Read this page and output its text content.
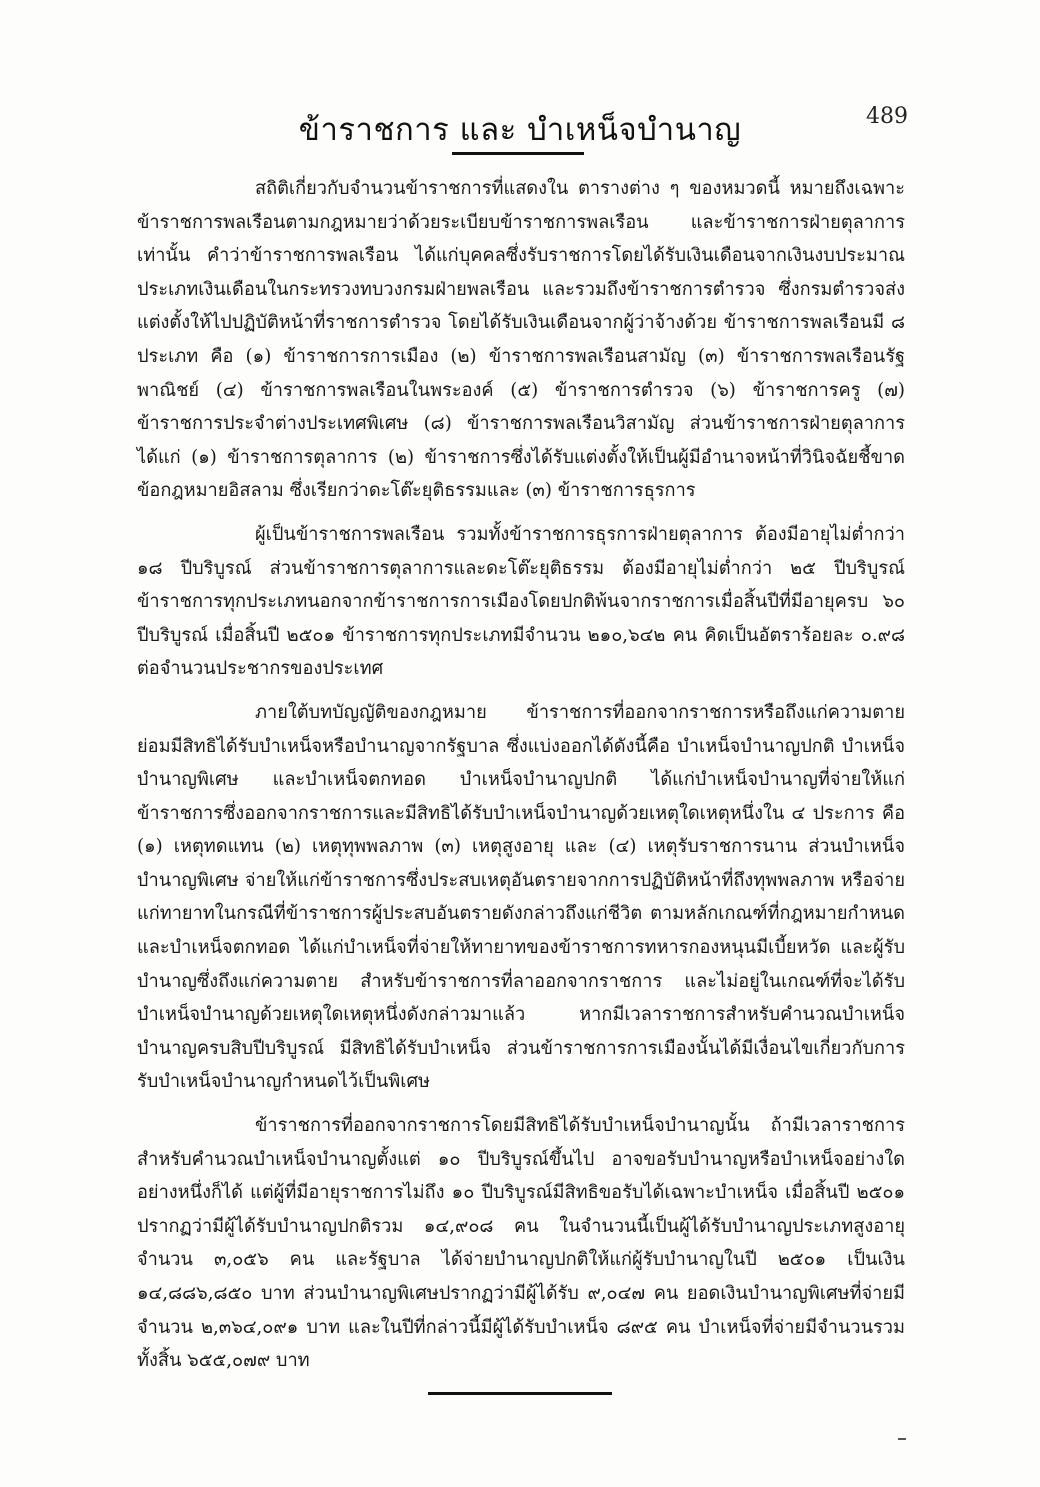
489
ข้าราชการ และ บำเหน็จบำนาญ

สถิติเกี่ยวกับจำนวนข้าราชการที่แสดงใน ตารางต่าง ๆ ของหมวดนี้ หมายถึงเฉพาะข้าราชการพลเรือนตามกฎหมายว่าด้วยระเบียบข้าราชการพลเรือน และข้าราชการฝ่ายตุลาการเท่านั้น คำว่าข้าราชการพลเรือน ได้แก่บุคคลซึ่งรับราชการโดยได้รับเงินเดือนจากเงินงบประมาณประเภทเงินเดือนในกระทรวงทบวงกรมฝ่ายพลเรือน และรวมถึงข้าราชการตำรวจ ซึ่งกรมตำรวจส่งแต่งตั้งให้ไปปฏิบัติหน้าที่ราชการตำรวจ โดยได้รับเงินเดือนจากผู้ว่าจ้างด้วย ข้าราชการพลเรือนมี ๘ ประเภท คือ (๑) ข้าราชการการเมือง (๒) ข้าราชการพลเรือนสามัญ (๓) ข้าราชการพลเรือนรัฐพาณิชย์ (๔) ข้าราชการพลเรือนในพระองค์ (๕) ข้าราชการตำรวจ (๖) ข้าราชการครู (๗) ข้าราชการประจำต่างประเทศพิเศษ (๘) ข้าราชการพลเรือนวิสามัญ ส่วนข้าราชการฝ่ายตุลาการ ได้แก่ (๑) ข้าราชการตุลาการ (๒) ข้าราชการซึ่งได้รับแต่งตั้งให้เป็นผู้มีอำนาจหน้าที่วินิจฉัยชี้ขาดข้อกฎหมายอิสลาม ซึ่งเรียกว่าดะโต๊ะยุติธรรมและ (๓) ข้าราชการธุรการ

ผู้เป็นข้าราชการพลเรือน รวมทั้งข้าราชการธุรการฝ่ายตุลาการ ต้องมีอายุไม่ต่ำกว่า ๑๘ ปีบริบูรณ์ ส่วนข้าราชการตุลาการและดะโต๊ะยุติธรรม ต้องมีอายุไม่ต่ำกว่า ๒๕ ปีบริบูรณ์ ข้าราชการทุกประเภทนอกจากข้าราชการการเมืองโดยปกติพ้นจากราชการเมื่อสิ้นปีที่มีอายุครบ ๖๐ ปีบริบูรณ์ เมื่อสิ้นปี ๒๕๐๑ ข้าราชการทุกประเภทมีจำนวน ๒๑๐,๖๔๒ คน คิดเป็นอัตราร้อยละ ๐.๙๘ ต่อจำนวนประชากรของประเทศ

ภายใต้บทบัญญัติของกฎหมาย ข้าราชการที่ออกจากราชการหรือถึงแก่ความตาย ย่อมมีสิทธิได้รับบำเหน็จหรือบำนาญจากรัฐบาล ซึ่งแบ่งออกได้ดังนี้คือ บำเหน็จบำนาญปกติ บำเหน็จบำนาญพิเศษ และบำเหน็จตกทอด บำเหน็จบำนาญปกติ ได้แก่บำเหน็จบำนาญที่จ่ายให้แก่ข้าราชการซึ่งออกจากราชการและมีสิทธิได้รับบำเหน็จบำนาญด้วยเหตุใดเหตุหนึ่งใน ๔ ประการ คือ (๑) เหตุทดแทน (๒) เหตุทุพพลภาพ (๓) เหตุสูงอายุ และ (๔) เหตุรับราชการนาน ส่วนบำเหน็จบำนาญพิเศษ จ่ายให้แก่ข้าราชการซึ่งประสบเหตุอันตรายจากการปฏิบัติหน้าที่ถึงทุพพลภาพ หรือจ่ายแก่ทายาทในกรณีที่ข้าราชการผู้ประสบอันตรายดังกล่าวถึงแก่ชีวิต ตามหลักเกณฑ์ที่กฎหมายกำหนด และบำเหน็จตกทอด ได้แก่บำเหน็จที่จ่ายให้ทายาทของข้าราชการทหารกองหนุนมีเบี้ยหวัด และผู้รับบำนาญซึ่งถึงแก่ความตาย สำหรับข้าราชการที่ลาออกจากราชการ และไม่อยู่ในเกณฑ์ที่จะได้รับบำเหน็จบำนาญด้วยเหตุใดเหตุหนึ่งดังกล่าวมาแล้ว หากมีเวลาราชการสำหรับคำนวณบำเหน็จบำนาญครบสิบปีบริบูรณ์ มีสิทธิได้รับบำเหน็จ ส่วนข้าราชการการเมืองนั้นได้มีเงื่อนไขเกี่ยวกับการรับบำเหน็จบำนาญกำหนดไว้เป็นพิเศษ

ข้าราชการที่ออกจากราชการโดยมีสิทธิได้รับบำเหน็จบำนาญนั้น ถ้ามีเวลาราชการสำหรับคำนวณบำเหน็จบำนาญตั้งแต่ ๑๐ ปีบริบูรณ์ขึ้นไป อาจขอรับบำนาญหรือบำเหน็จอย่างใดอย่างหนึ่งก็ได้ แต่ผู้ที่มีอายุราชการไม่ถึง ๑๐ ปีบริบูรณ์มีสิทธิขอรับได้เฉพาะบำเหน็จ เมื่อสิ้นปี ๒๕๐๑ ปรากฏว่ามีผู้ได้รับบำนาญปกติรวม ๑๔,๙๐๘ คน ในจำนวนนี้เป็นผู้ได้รับบำนาญประเภทสูงอายุจำนวน ๓,๐๕๖ คน และรัฐบาล ได้จ่ายบำนาญปกติให้แก่ผู้รับบำนาญในปี ๒๕๐๑ เป็นเงิน ๑๔,๘๘๖,๘๕๐ บาท ส่วนบำนาญพิเศษปรากฏว่ามีผู้ได้รับ ๙,๐๔๗ คน ยอดเงินบำนาญพิเศษที่จ่ายมีจำนวน ๒,๓๖๔,๐๙๑ บาท และในปีที่กล่าวนี้มีผู้ได้รับบำเหน็จ ๘๙๕ คน บำเหน็จที่จ่ายมีจำนวนรวมทั้งสิ้น ๖๕๕,๐๗๙ บาท
